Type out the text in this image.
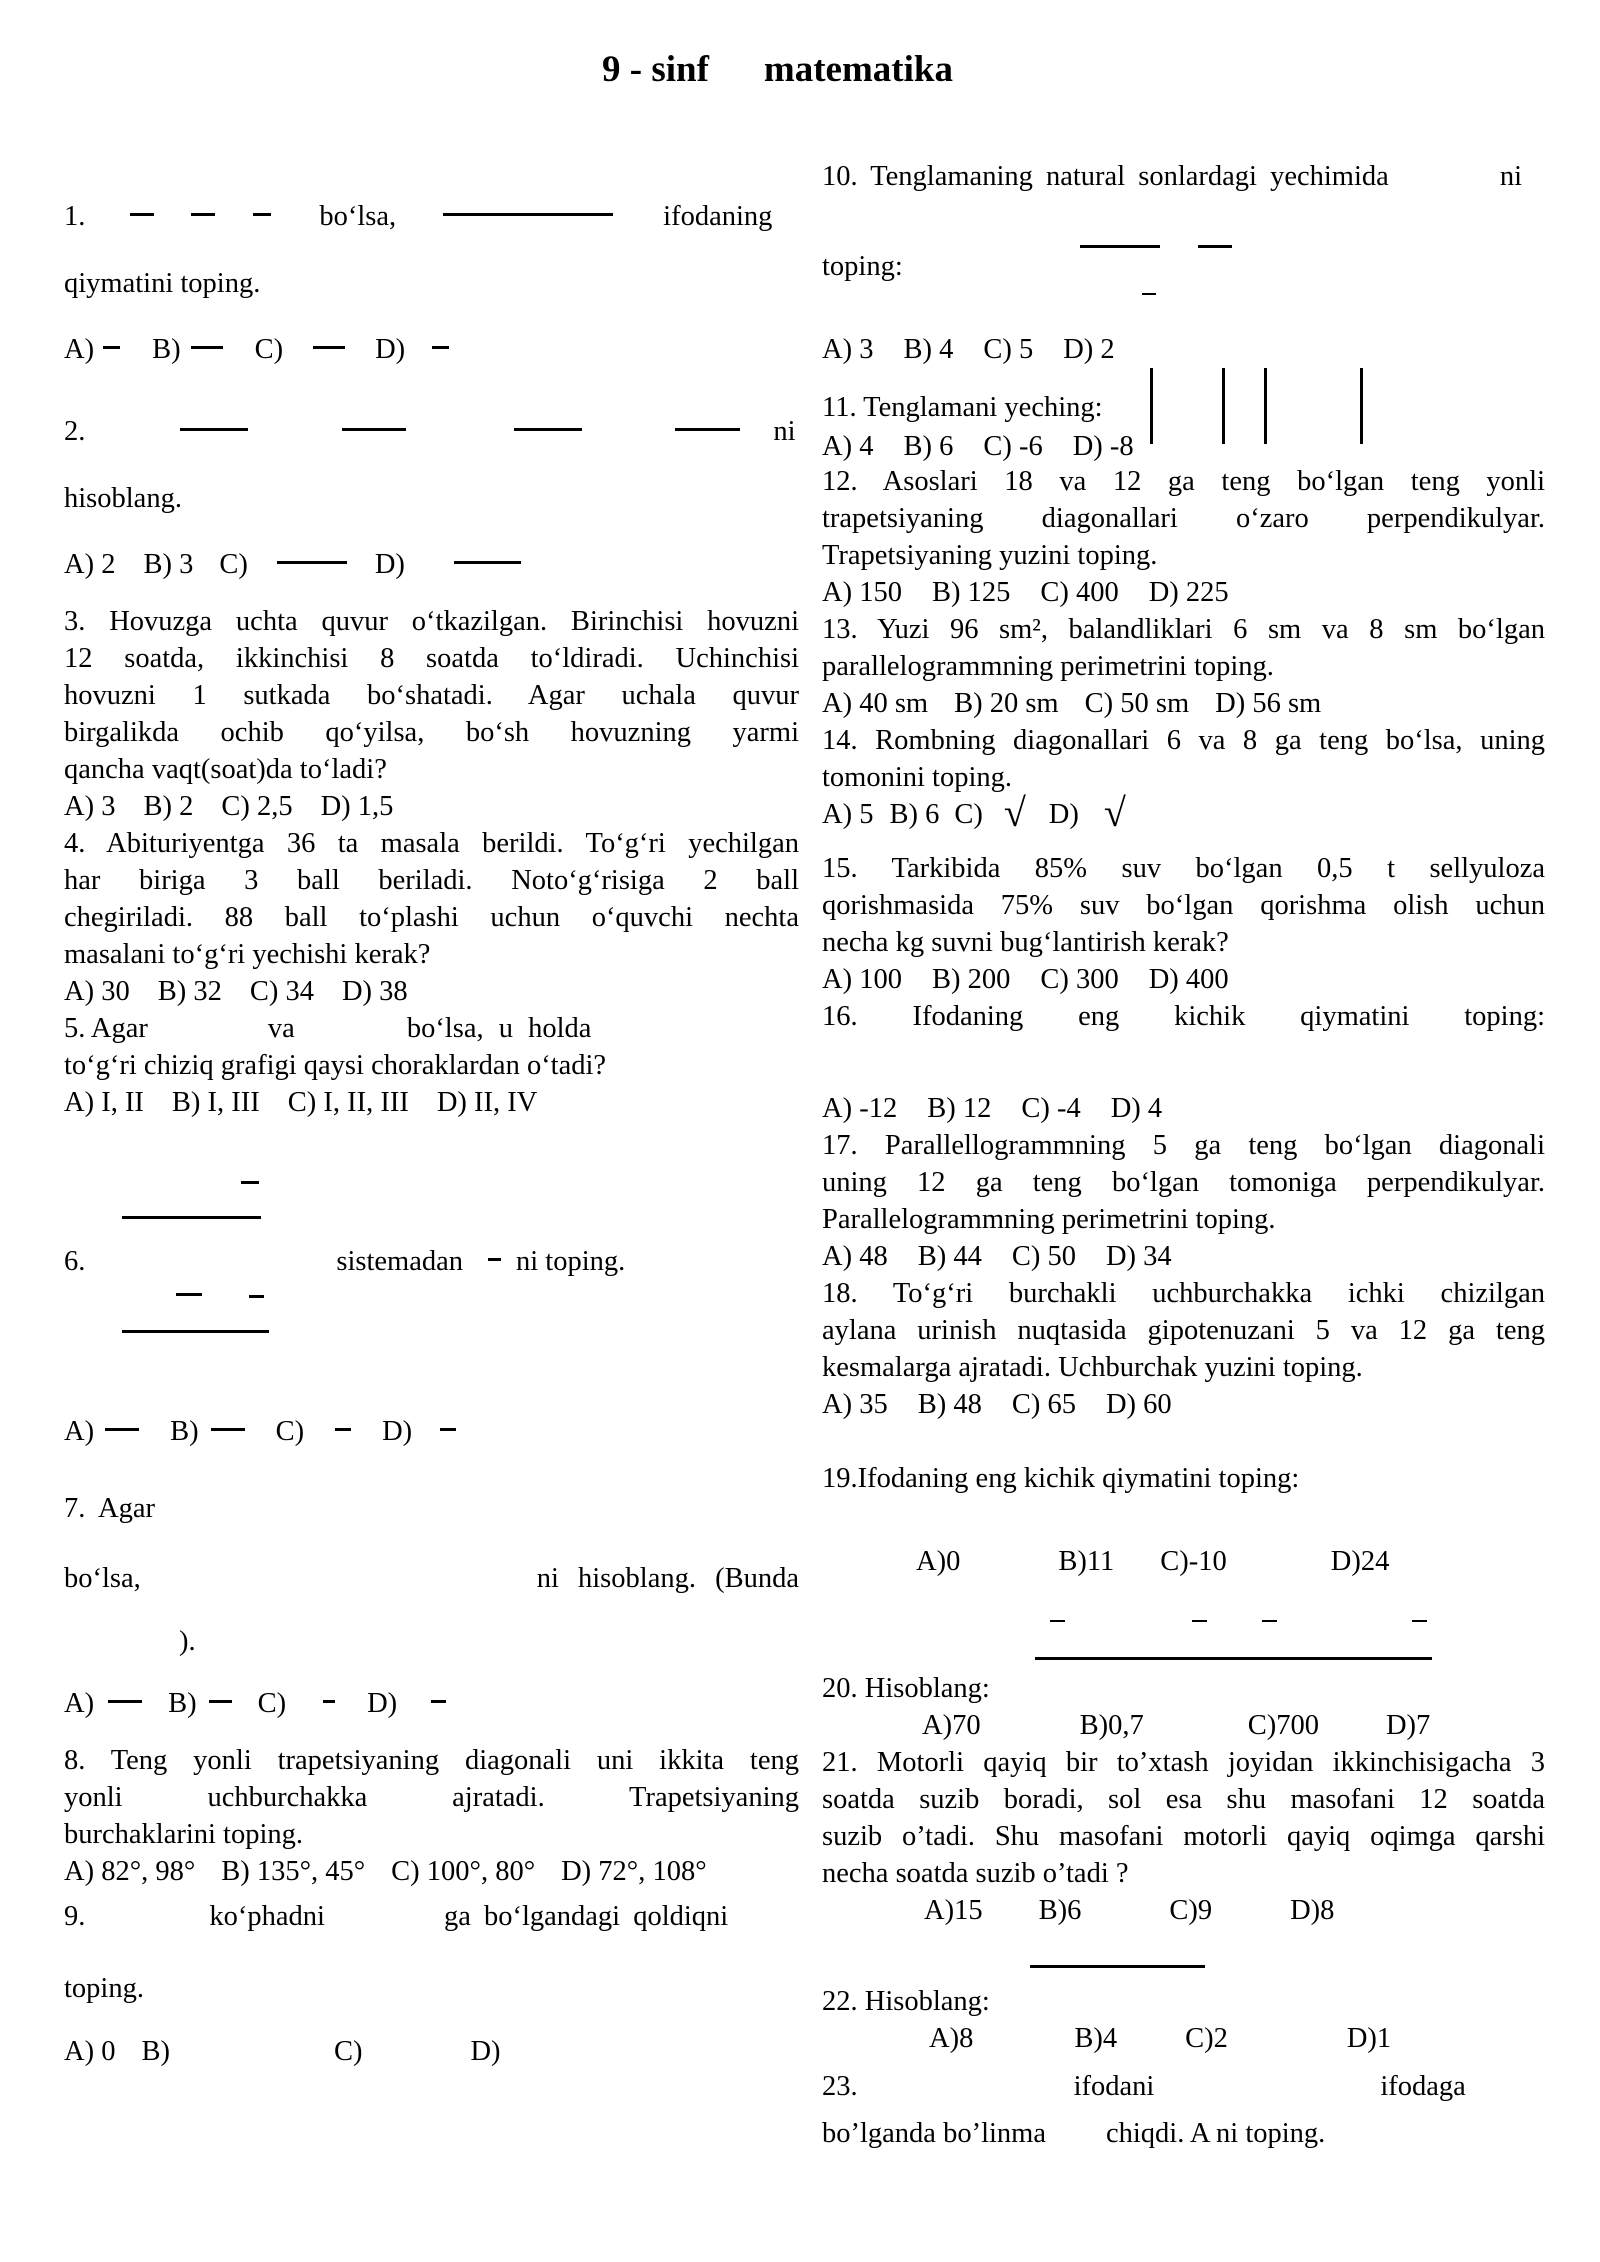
9 - sinf matematika
1.	bo‘lsa,	ifodaning
qiymatini toping.
A) B)	C)	D)
2.	ni
hisoblang.
A) 2 B) 3 C)	D)
3. Hovuzga uchta quvur o‘tkazilgan. Birinchisi hovuzni
12 soatda, ikkinchisi 8 soatda to‘ldiradi. Uchinchisi
hovuzni 1 sutkada bo‘shatadi. Agar uchala quvur
birgalikda ochib qo‘yilsa, bo‘sh hovuzning yarmi
qancha vaqt(soat)da to‘ladi?
A) 3 B) 2 C) 2,5 D) 1,5
4. Abituriyentga 36 ta masala berildi. To‘g‘ri yechilgan
har biriga 3 ball beriladi. Noto‘g‘risiga 2 ball
chegiriladi. 88 ball to‘plashi uchun o‘quvchi nechta
masalani to‘g‘ri yechishi kerak?
A) 30 B) 32 C) 34 D) 38
5. Agar	va	bo‘lsa, u holda
to‘g‘ri chiziq grafigi qaysi choraklardan o‘tadi?
A) I, II B) I, III C) I, II, III D) II, IV
6.	sistemadan ni toping.
A)	B)	C)	D)
7.  Agar
bo‘lsa,	ni hisoblang. (Bunda
).
A)	B) C)	D)
8. Teng yonli trapetsiyaning diagonali uni ikkita teng
yonli uchburchakka ajratadi. Trapetsiyaning
burchaklarini toping.
A) 82°, 98° B) 135°, 45° C) 100°, 80° D) 72°, 108°
9.	ko‘phadni	ga bo‘lgandagi qoldiqni
toping.
A) 0 B)	C)	D)
10. Tenglamaning natural sonlardagi yechimida	ni
toping:
A) 3 B) 4 C) 5 D) 2
11. Tenglamani yeching:
A) 4 B) 6 C) -6 D) -8
12. Asoslari 18 va 12 ga teng bo‘lgan teng yonli
trapetsiyaning diagonallari o‘zaro perpendikulyar.
Trapetsiyaning yuzini toping.
A) 150 B) 125 C) 400 D) 225
13. Yuzi 96 sm², balandliklari 6 sm va 8 sm bo‘lgan
parallelogrammning perimetrini toping.
A) 40 sm B) 20 sm C) 50 sm D) 56 sm
14. Rombning diagonallari 6 va 8 ga teng bo‘lsa, uning
tomonini toping.
A) 5 B) 6 C) √ D) √
15. Tarkibida 85% suv bo‘lgan 0,5 t sellyuloza
qorishmasida 75% suv bo‘lgan qorishma olish uchun
necha kg suvni bug‘lantirish kerak?
A) 100 B) 200 C) 300 D) 400
16. Ifodaning eng kichik qiymatini toping:
A) -12 B) 12 C) -4 D) 4
17. Parallellogrammning 5 ga teng bo‘lgan diagonali
uning 12 ga teng bo‘lgan tomoniga perpendikulyar.
Parallelogrammning perimetrini toping.
A) 48 B) 44 C) 50 D) 34
18. To‘g‘ri burchakli uchburchakka ichki chizilgan
aylana urinish nuqtasida gipotenuzani 5 va 12 ga teng
kesmalarga ajratadi. Uchburchak yuzini toping.
A) 35 B) 48 C) 65 D) 60
19.Ifodaning eng kichik qiymatini toping:
A)0	B)11 C)-10	D)24
20. Hisoblang:
A)70	B)0,7	C)700 D)7
21. Motorli qayiq bir to’xtash joyidan ikkinchisigacha 3
soatda suzib boradi, sol esa shu masofani 12 soatda
suzib o’tadi. Shu masofani motorli qayiq oqimga qarshi
necha soatda suzib o’tadi ?
A)15 B)6	C)9	D)8
22. Hisoblang:
A)8	B)4 C)2	D)1
23.	ifodani	ifodaga
bo’lganda bo’linma chiqdi. A ni toping.
